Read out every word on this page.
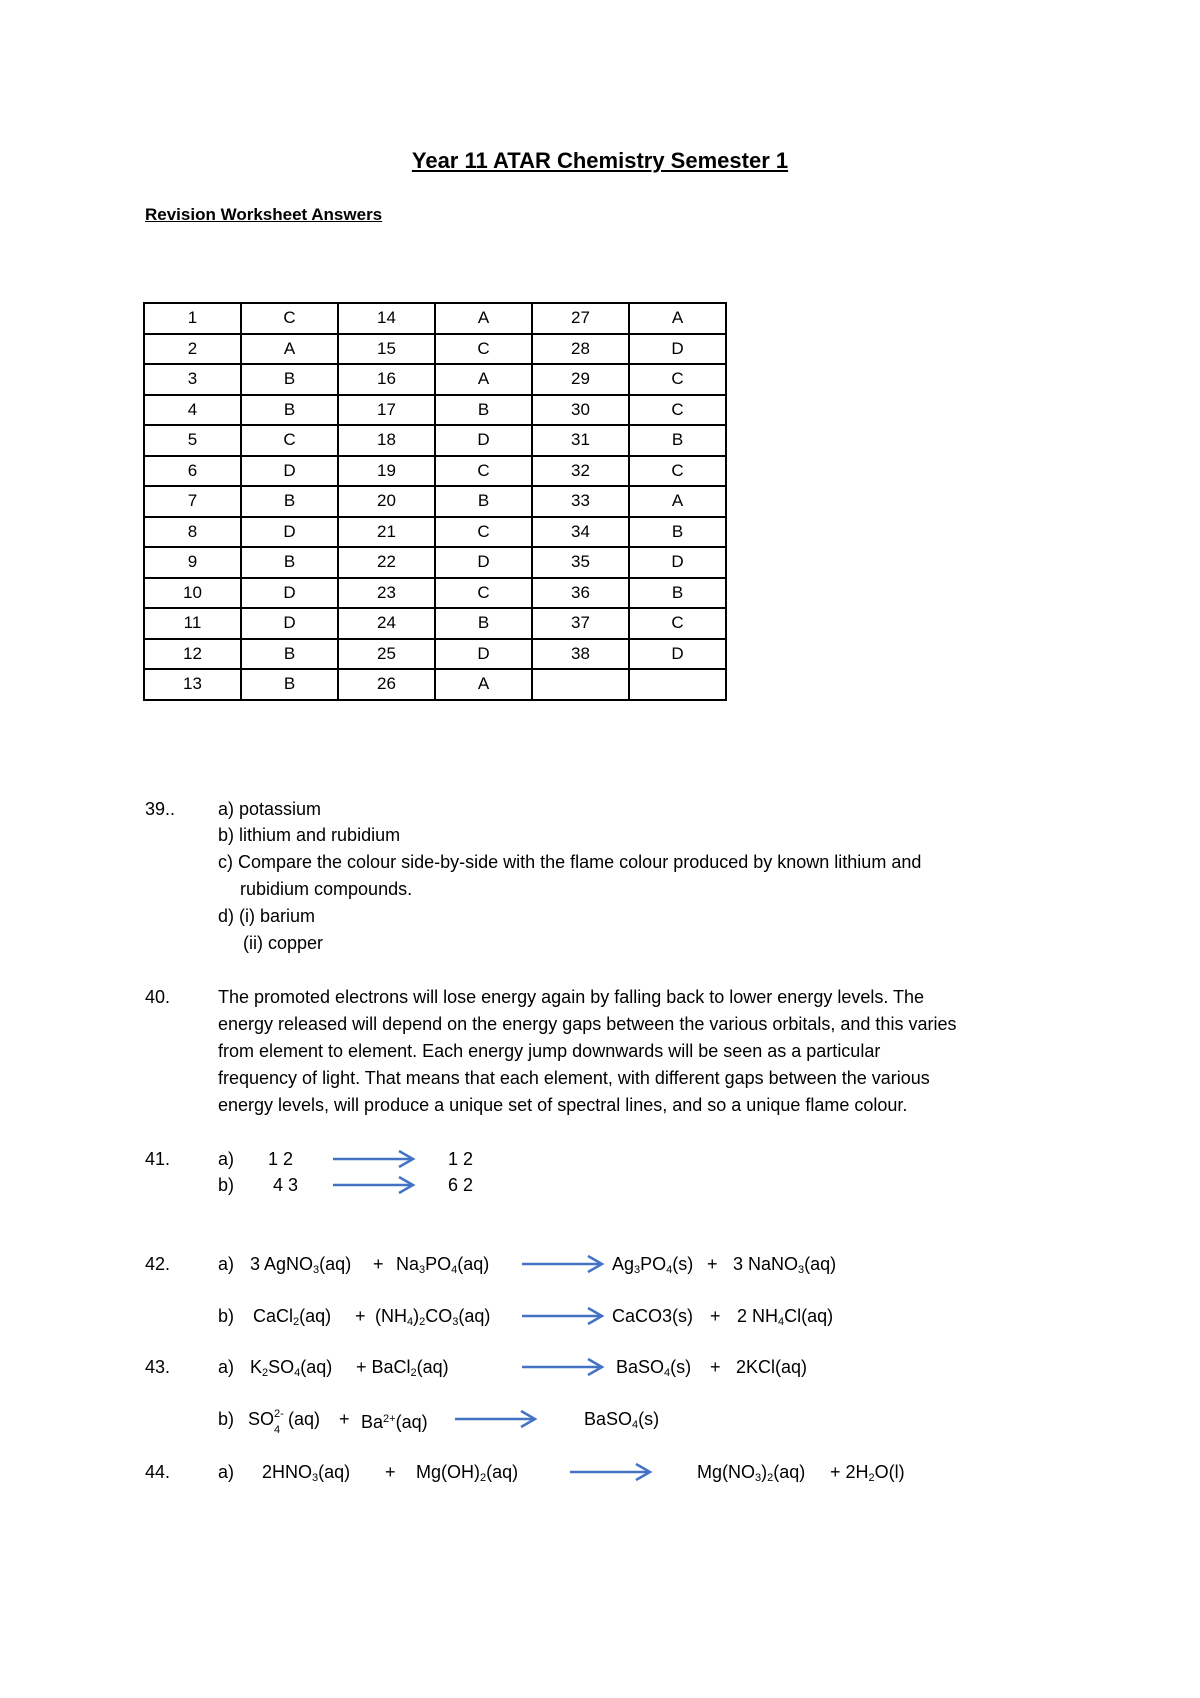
Year 11 ATAR Chemistry Semester 1
Revision Worksheet Answers
1	C	14	A	27	A
2	A	15	C	28	D
3	B	16	A	29	C
4	B	17	B	30	C
5	C	18	D	31	B
6	D	19	C	32	C
7	B	20	B	33	A
8	D	21	C	34	B
9	B	22	D	35	D
10	D	23	C	36	B
11	D	24	B	37	C
12	B	25	D	38	D
13	B	26	A		
39.. a) potassium
b) lithium and rubidium
c) Compare the colour side-by-side with the flame colour produced by known lithium and
rubidium compounds.
d) (i) barium
(ii) copper
40.	The promoted electrons will lose energy again by falling back to lower energy levels. The
energy released will depend on the energy gaps between the various orbitals, and this varies
from element to element. Each energy jump downwards will be seen as a particular
frequency of light. That means that each element, with different gaps between the various
energy levels, will produce a unique set of spectral lines, and so a unique flame colour.
41.	a) 1 2	1 2
b) 4 3	6 2
42.	a) 3 AgNO$_3$(aq) + $Na_3PO_4(aq)$	$Ag_3PO_4(s) + 3$ NaNO$_3$(aq)
b) CaCl$_2$(aq) + $(NH_4)_2CO_3(aq)$	CaCO3(s) + 2 $NH_4Cl(aq)$
43.	a) $K_2SO_4(aq)$ + BaCl$_2$(aq)	BaSO$_4$(s) + 2KCl(aq)
b) SO 2-
4
$(aq) + Ba^{2+}(aq)$	BaSO$_4$(s)
44.	a) $2HNO_3(aq) + Mg(OH)_2(aq)$	$Mg(NO_3)_2(aq) + 2H_2O(l)$
